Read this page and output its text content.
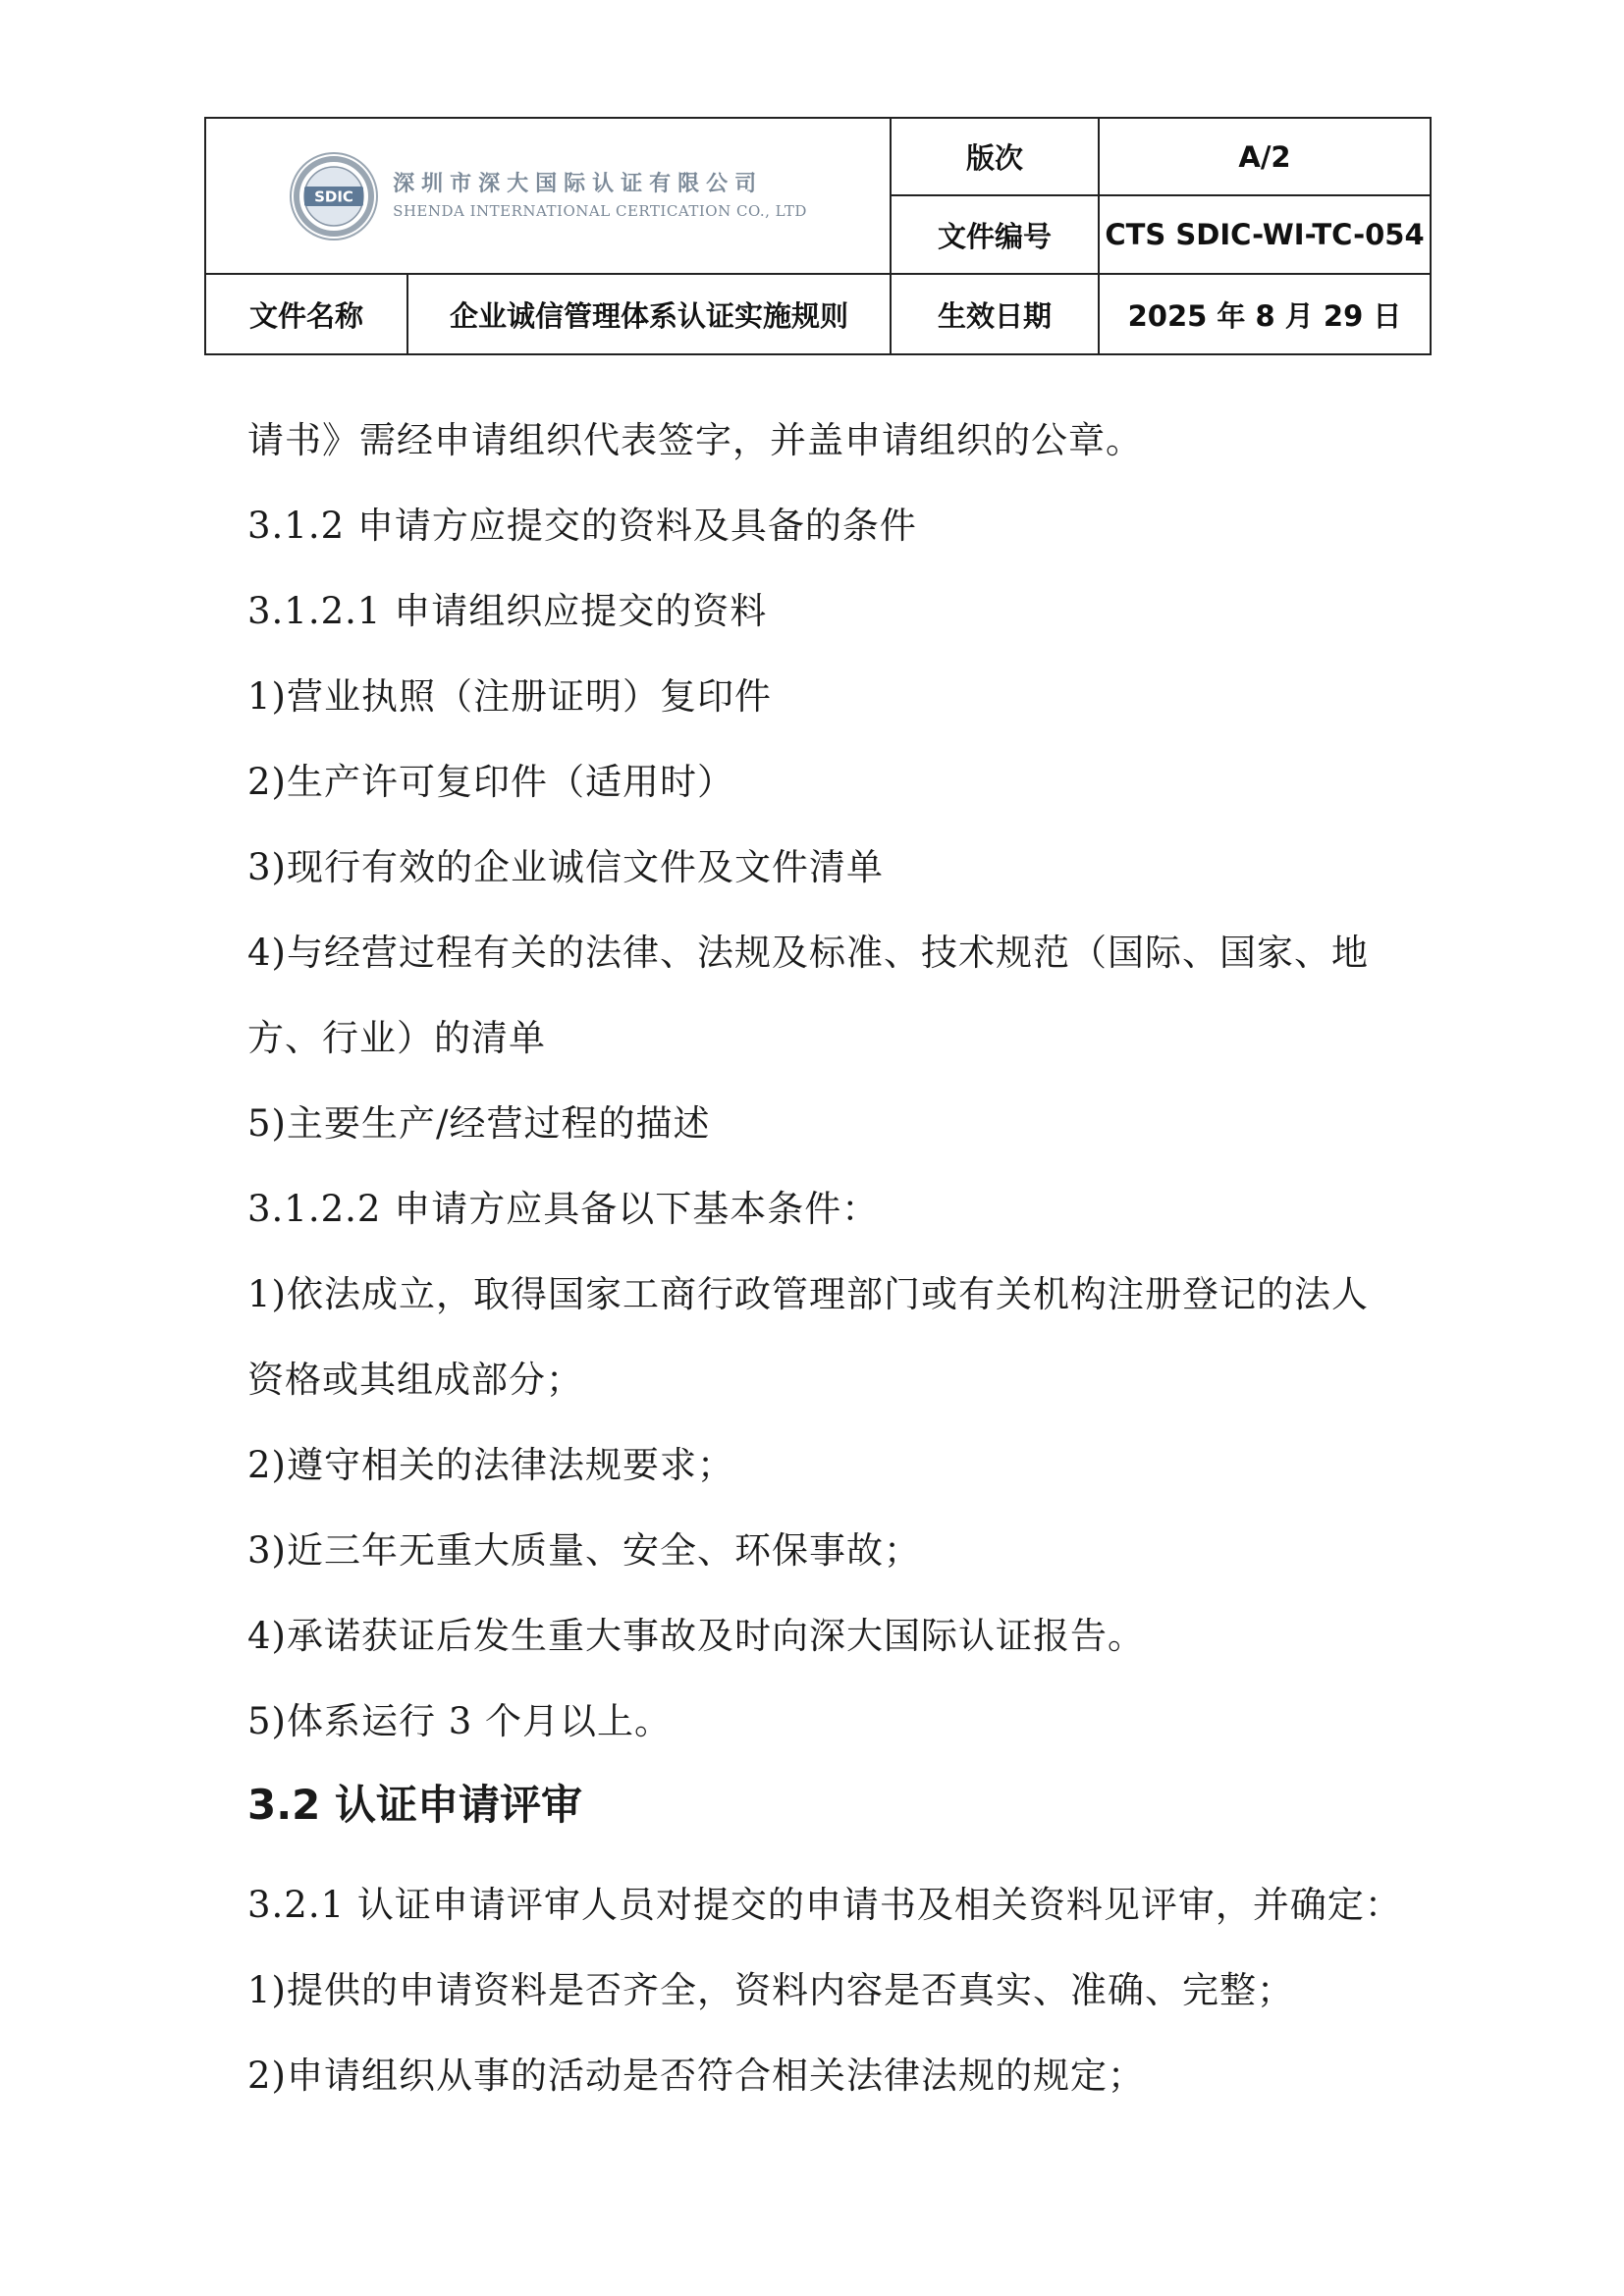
SDIC 深圳市深大国际认证有限公司
SHENDA INTERNATIONAL CERTICATION CO., LTD		版次	A/2
		文件编号	CTS SDIC-WI-TC-054
文件名称	企业诚信管理体系认证实施规则	生效日期	2025 年 8 月 29 日
请书》需经申请组织代表签字，并盖申请组织的公章。
3.1.2 申请方应提交的资料及具备的条件
3.1.2.1 申请组织应提交的资料
1)营业执照（注册证明）复印件
2)生产许可复印件（适用时）
3)现行有效的企业诚信文件及文件清单
4)与经营过程有关的法律、法规及标准、技术规范（国际、国家、地
方、行业）的清单
5)主要生产/经营过程的描述
3.1.2.2 申请方应具备以下基本条件：
1)依法成立，取得国家工商行政管理部门或有关机构注册登记的法人
资格或其组成部分；
2)遵守相关的法律法规要求；
3)近三年无重大质量、安全、环保事故；
4)承诺获证后发生重大事故及时向深大国际认证报告。
5)体系运行 3 个月以上。
3.2 认证申请评审
3.2.1 认证申请评审人员对提交的申请书及相关资料见评审，并确定：
1)提供的申请资料是否齐全，资料内容是否真实、准确、完整；
2)申请组织从事的活动是否符合相关法律法规的规定；
